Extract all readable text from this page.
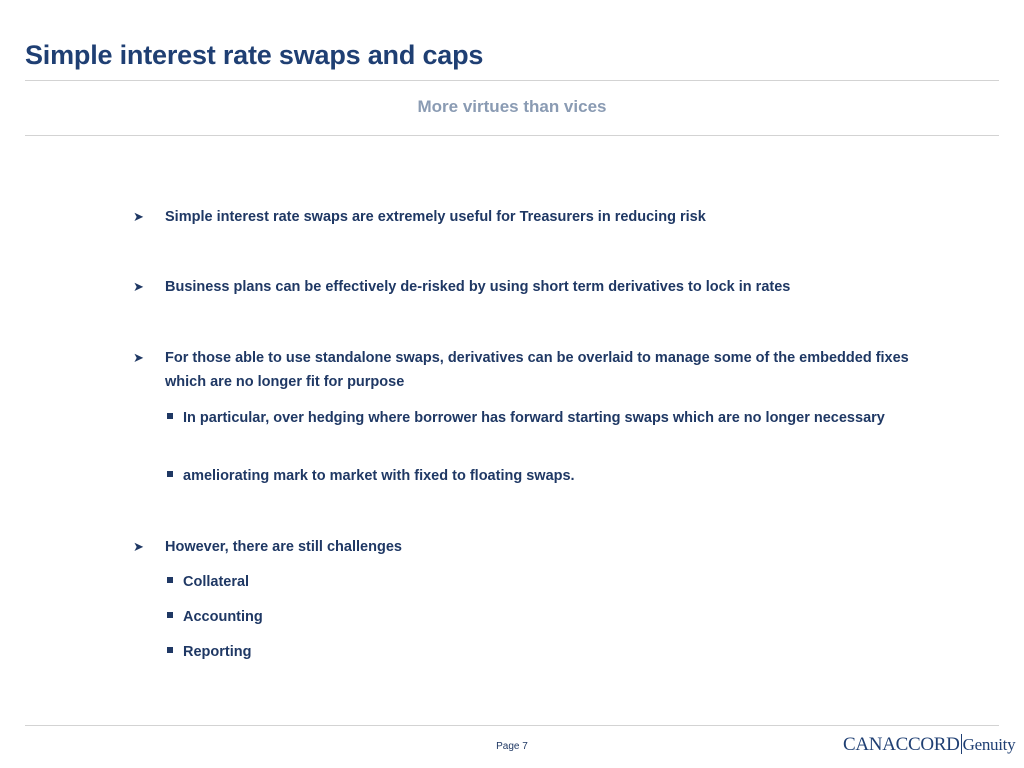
Simple interest rate swaps and caps
More virtues than vices
➤	Simple interest rate swaps are extremely useful for Treasurers in reducing risk
➤	Business plans can be effectively de-risked by using short term derivatives to lock in rates
➤	For those able to use standalone swaps, derivatives can be overlaid to manage some of the embedded fixes which are no longer fit for purpose
In particular, over hedging where borrower has forward starting swaps which are no longer necessary
ameliorating mark to market with fixed to floating swaps.
➤	However, there are still challenges
Collateral
Accounting
Reporting
Page 7	CANACCORD Genuity
